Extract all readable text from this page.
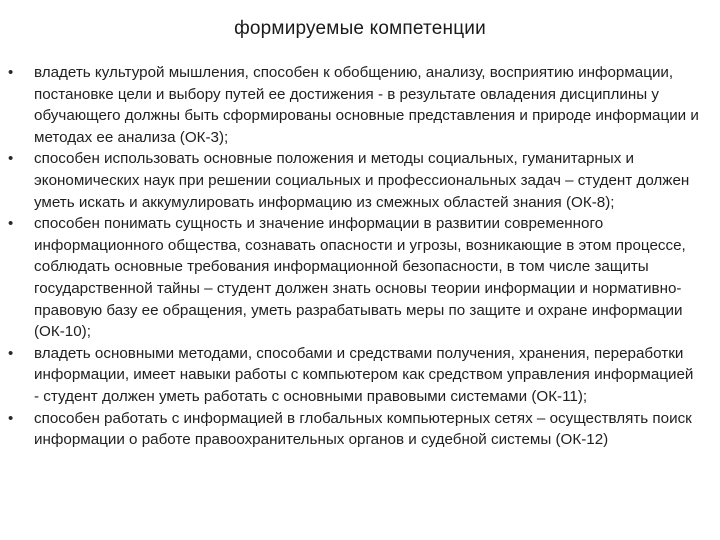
формируемые компетенции
• владеть культурой мышления, способен к обобщению, анализу, восприятию информации, постановке цели и выбору путей ее достижения - в результате овладения дисциплины у обучающего должны быть сформированы основные представления и природе информации и методах ее анализа (ОК-3);
• способен использовать основные положения и методы социальных, гуманитарных и экономических наук при решении социальных и профессиональных задач – студент должен уметь искать и аккумулировать информацию из смежных областей знания (ОК-8);
• способен понимать сущность и значение информации в развитии современного информационного общества, сознавать опасности и угрозы, возникающие в этом процессе, соблюдать основные требования информационной безопасности, в том числе защиты государственной тайны – студент должен знать основы теории информации и нормативно-правовую базу ее обращения, уметь разрабатывать меры по защите и охране информации (ОК-10);
• владеть основными методами, способами и средствами получения, хранения, переработки информации, имеет навыки работы с компьютером как средством управления информацией - студент должен уметь работать с основными правовыми системами (ОК-11);
• способен работать с информацией в глобальных компьютерных сетях – осуществлять поиск информации о работе правоохранительных органов и судебной системы (ОК-12)
